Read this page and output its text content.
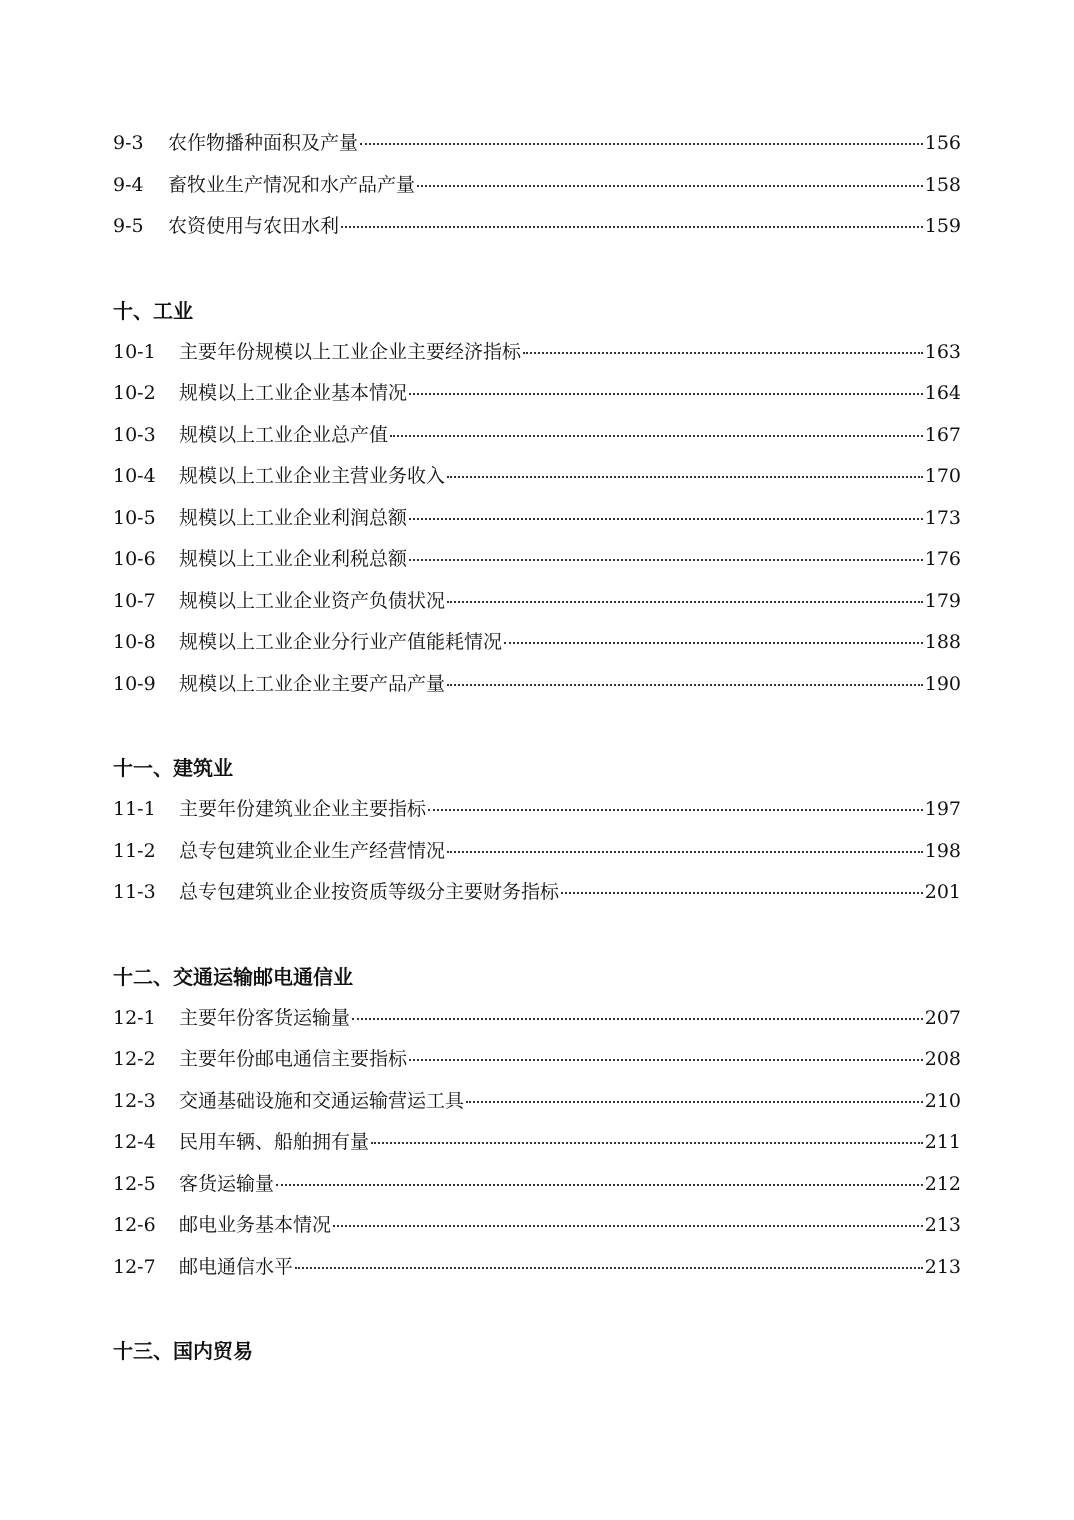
9-3	农作物播种面积及产量	156
9-4	畜牧业生产情况和水产品产量	158
9-5	农资使用与农田水利	159
十、工业
10-1	主要年份规模以上工业企业主要经济指标	163
10-2	规模以上工业企业基本情况	164
10-3	规模以上工业企业总产值	167
10-4	规模以上工业企业主营业务收入	170
10-5	规模以上工业企业利润总额	173
10-6	规模以上工业企业利税总额	176
10-7	规模以上工业企业资产负债状况	179
10-8	规模以上工业企业分行业产值能耗情况	188
10-9	规模以上工业企业主要产品产量	190
十一、建筑业
11-1	主要年份建筑业企业主要指标	197
11-2	总专包建筑业企业生产经营情况	198
11-3	总专包建筑业企业按资质等级分主要财务指标	201
十二、交通运输邮电通信业
12-1	主要年份客货运输量	207
12-2	主要年份邮电通信主要指标	208
12-3	交通基础设施和交通运输营运工具	210
12-4	民用车辆、船舶拥有量	211
12-5	客货运输量	212
12-6	邮电业务基本情况	213
12-7	邮电通信水平	213
十三、国内贸易
